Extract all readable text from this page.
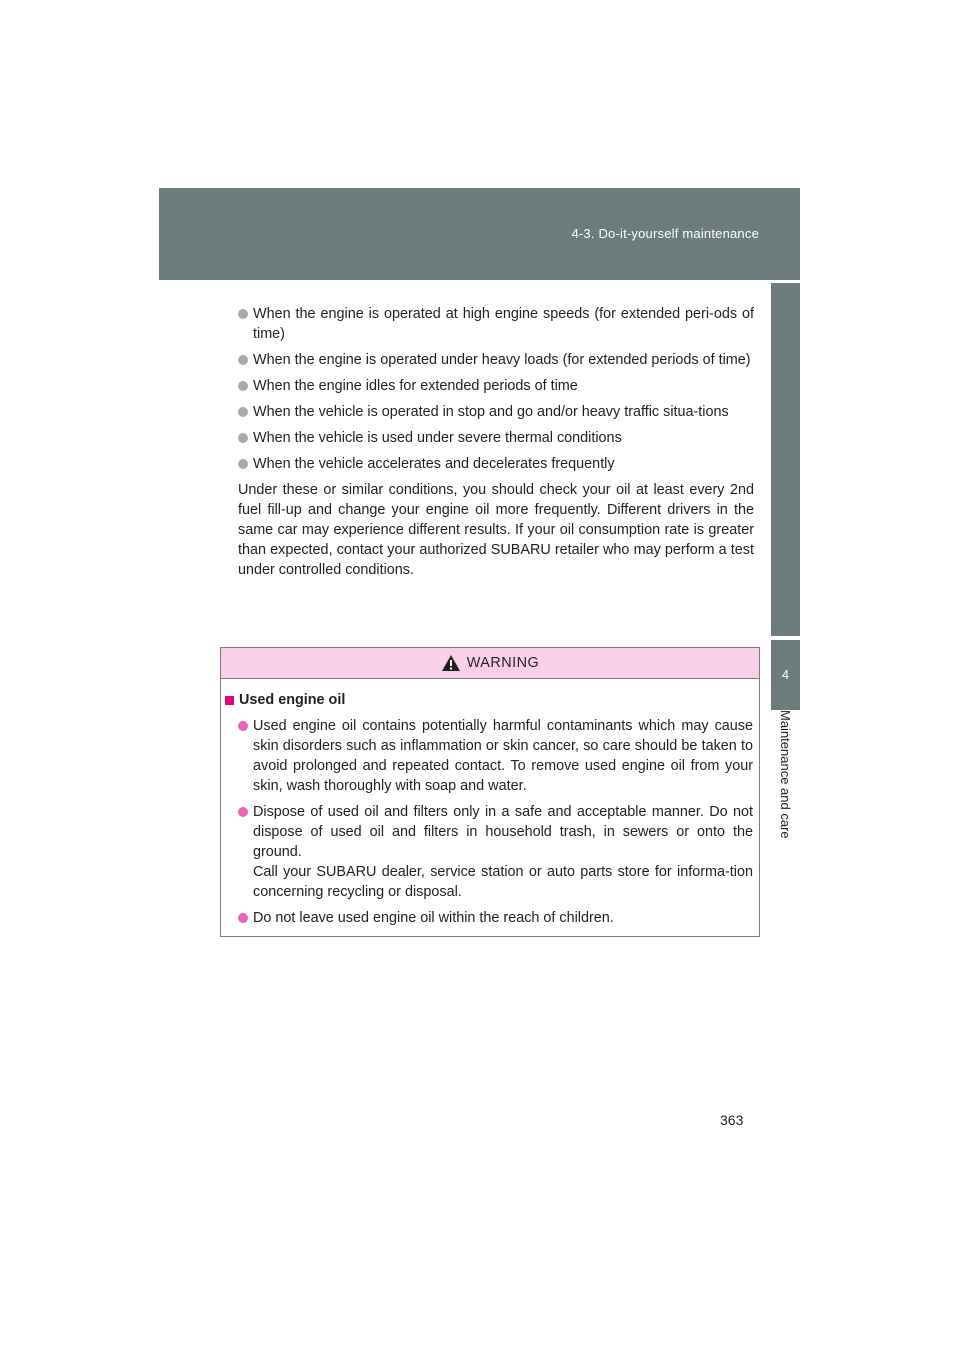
4-3. Do-it-yourself maintenance
4
Maintenance and care
When the engine is operated at high engine speeds (for extended peri-ods of time)
When the engine is operated under heavy loads (for extended periods of time)
When the engine idles for extended periods of time
When the vehicle is operated in stop and go and/or heavy traffic situa-tions
When the vehicle is used under severe thermal conditions
When the vehicle accelerates and decelerates frequently

Under these or similar conditions, you should check your oil at least every 2nd fuel fill-up and change your engine oil more frequently. Different drivers in the same car may experience different results. If your oil consumption rate is greater than expected, contact your authorized SUBARU retailer who may perform a test under controlled conditions.

WARNING
Used engine oil
Used engine oil contains potentially harmful contaminants which may cause skin disorders such as inflammation or skin cancer, so care should be taken to avoid prolonged and repeated contact. To remove used engine oil from your skin, wash thoroughly with soap and water.
Dispose of used oil and filters only in a safe and acceptable manner. Do not dispose of used oil and filters in household trash, in sewers or onto the ground.
Call your SUBARU dealer, service station or auto parts store for informa-tion concerning recycling or disposal.
Do not leave used engine oil within the reach of children.
363
